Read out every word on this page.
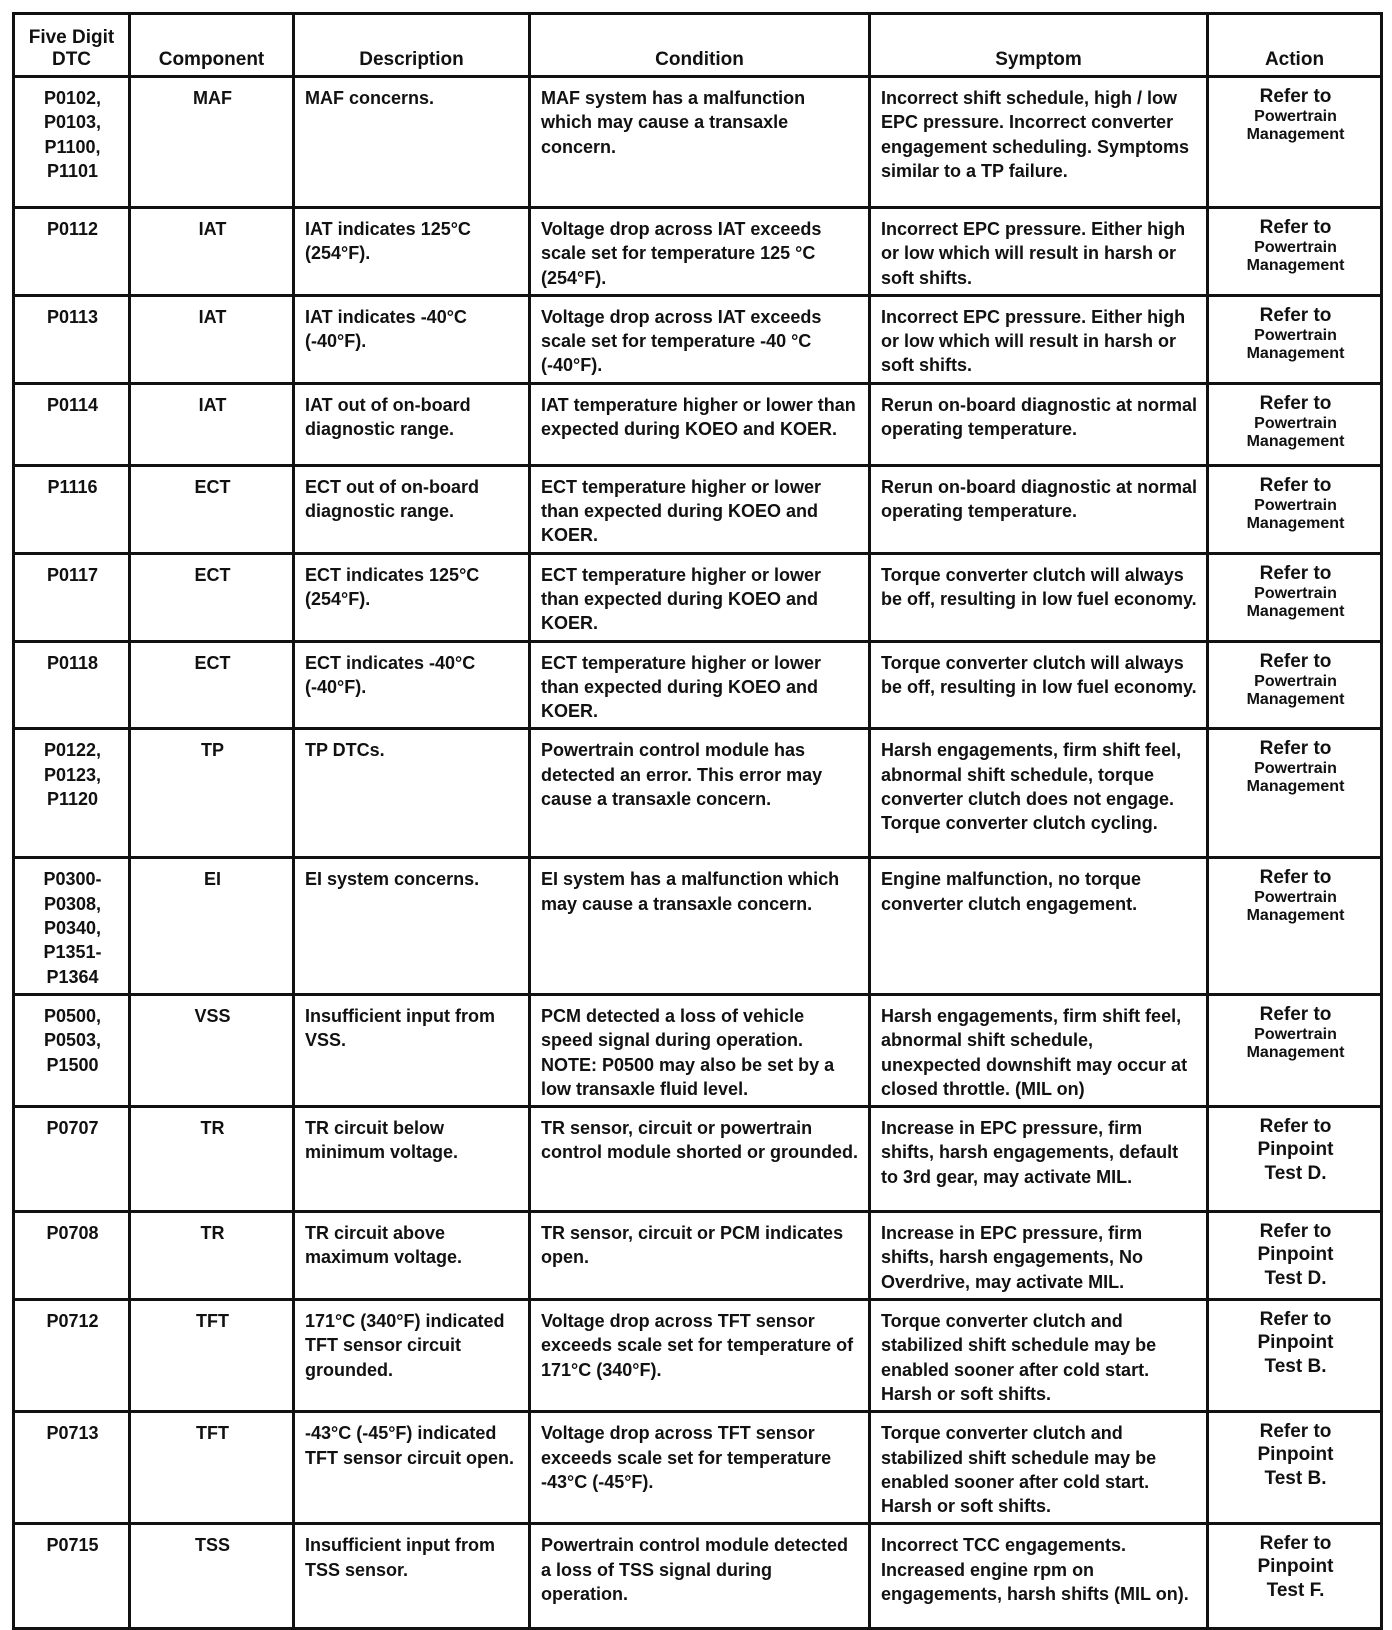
Five Digit
DTC	Component	Description	Condition	Symptom	Action

P0102,
P0103,
P1100,
P1101	MAF	MAF concerns.	MAF system has a malfunction which may cause a transaxle concern.	Incorrect shift schedule, high / low EPC pressure. Incorrect converter engagement scheduling. Symptoms similar to a TP failure.	Refer to
Powertrain
Management

P0112	IAT	IAT indicates 125°C (254°F).	Voltage drop across IAT exceeds scale set for temperature 125 °C (254°F).	Incorrect EPC pressure. Either high or low which will result in harsh or soft shifts.	Refer to
Powertrain
Management

P0113	IAT	IAT indicates -40°C (-40°F).	Voltage drop across IAT exceeds scale set for temperature -40 °C (-40°F).	Incorrect EPC pressure. Either high or low which will result in harsh or soft shifts.	Refer to
Powertrain
Management

P0114	IAT	IAT out of on-board diagnostic range.	IAT temperature higher or lower than expected during KOEO and KOER.	Rerun on-board diagnostic at normal operating temperature.	Refer to
Powertrain
Management

P1116	ECT	ECT out of on-board diagnostic range.	ECT temperature higher or lower than expected during KOEO and KOER.	Rerun on-board diagnostic at normal operating temperature.	Refer to
Powertrain
Management

P0117	ECT	ECT indicates 125°C (254°F).	ECT temperature higher or lower than expected during KOEO and KOER.	Torque converter clutch will always be off, resulting in low fuel economy.	Refer to
Powertrain
Management

P0118	ECT	ECT indicates -40°C (-40°F).	ECT temperature higher or lower than expected during KOEO and KOER.	Torque converter clutch will always be off, resulting in low fuel economy.	Refer to
Powertrain
Management

P0122,
P0123,
P1120	TP	TP DTCs.	Powertrain control module has detected an error. This error may cause a transaxle concern.	Harsh engagements, firm shift feel, abnormal shift schedule, torque converter clutch does not engage. Torque converter clutch cycling.	Refer to
Powertrain
Management

P0300-
P0308,
P0340,
P1351-
P1364	EI	EI system concerns.	EI system has a malfunction which may cause a transaxle concern.	Engine malfunction, no torque converter clutch engagement.	Refer to
Powertrain
Management

P0500,
P0503,
P1500	VSS	Insufficient input from VSS.	PCM detected a loss of vehicle speed signal during operation. NOTE: P0500 may also be set by a low transaxle fluid level.	Harsh engagements, firm shift feel, abnormal shift schedule, unexpected downshift may occur at closed throttle. (MIL on)	Refer to
Powertrain
Management

P0707	TR	TR circuit below minimum voltage.	TR sensor, circuit or powertrain control module shorted or grounded.	Increase in EPC pressure, firm shifts, harsh engagements, default to 3rd gear, may activate MIL.	Refer to
Pinpoint
Test D.

P0708	TR	TR circuit above maximum voltage.	TR sensor, circuit or PCM indicates open.	Increase in EPC pressure, firm shifts, harsh engagements, No Overdrive, may activate MIL.	Refer to
Pinpoint
Test D.

P0712	TFT	171°C (340°F) indicated TFT sensor circuit grounded.	Voltage drop across TFT sensor exceeds scale set for temperature of 171°C (340°F).	Torque converter clutch and stabilized shift schedule may be enabled sooner after cold start. Harsh or soft shifts.	Refer to
Pinpoint
Test B.

P0713	TFT	-43°C (-45°F) indicated TFT sensor circuit open.	Voltage drop across TFT sensor exceeds scale set for temperature -43°C (-45°F).	Torque converter clutch and stabilized shift schedule may be enabled sooner after cold start. Harsh or soft shifts.	Refer to
Pinpoint
Test B.

P0715	TSS	Insufficient input from TSS sensor.	Powertrain control module detected a loss of TSS signal during operation.	Incorrect TCC engagements. Increased engine rpm on engagements, harsh shifts (MIL on).	Refer to
Pinpoint
Test F.
